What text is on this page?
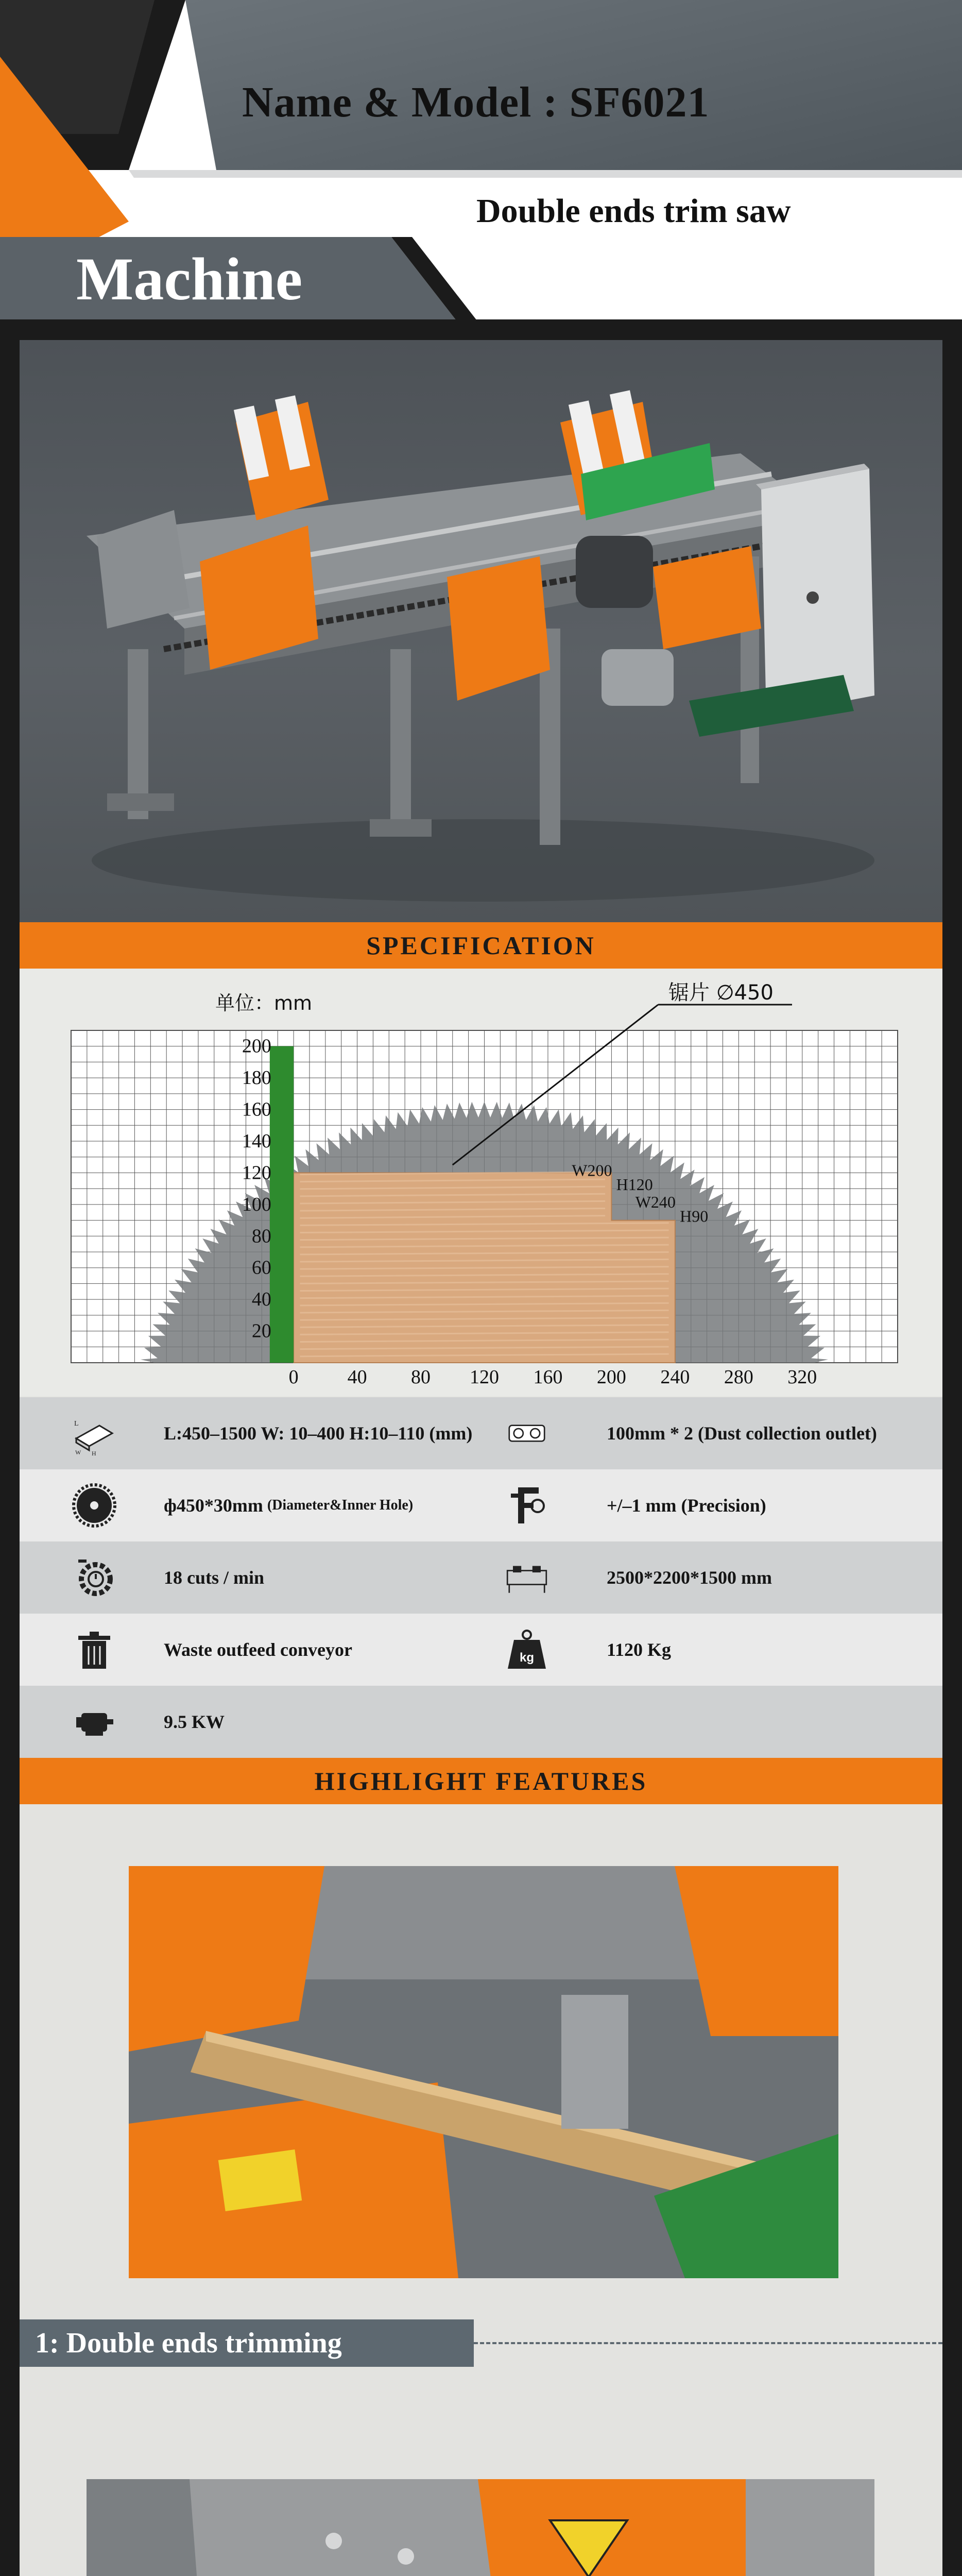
Name & Model : SF6021
Double ends trim saw
Machine
SPECIFICATION
0 40 80 120 160 200 240 280 320
20
40
60
80
100
120
140
160
180
200
单位：mm	锯片 ∅450
W200
H120
W240
H90
L
W H
L:450–1500 W: 10–400 H:10–110 (mm)	100mm * 2 (Dust collection outlet)
ф450*30mm (Diameter&Inner Hole)	+/–1 mm (Precision)
18 cuts / min	2500*2200*1500 mm
Waste outfeed conveyor	kg	1120 Kg
9.5 KW
HIGHLIGHT FEATURES
1: Double ends trimming
